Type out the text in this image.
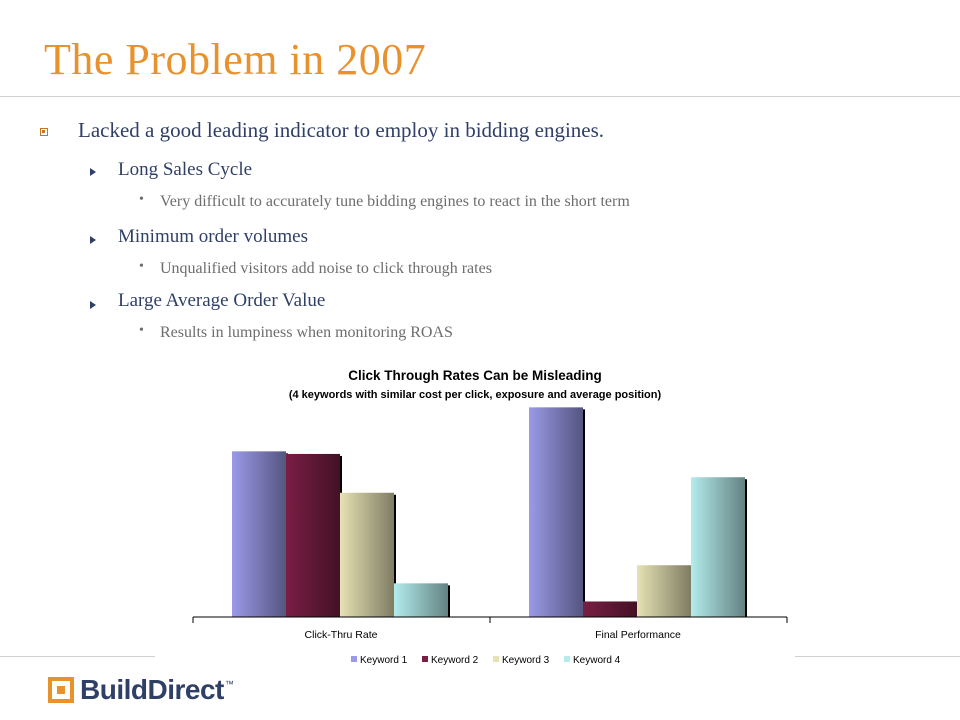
The Problem in 2007
Lacked a good leading indicator to employ in bidding engines.
Long Sales Cycle
• Very difficult to accurately tune bidding engines to react in the short term
Minimum order volumes
• Unqualified visitors add noise to click through rates
Large Average Order Value
• Results in lumpiness when monitoring ROAS
Click Through Rates Can be Misleading
(4 keywords with similar cost per click, exposure and average position)
Click-Thru Rate	Final Performance
Keyword 1 Keyword 2 Keyword 3 Keyword 4
BuildDirect ™
